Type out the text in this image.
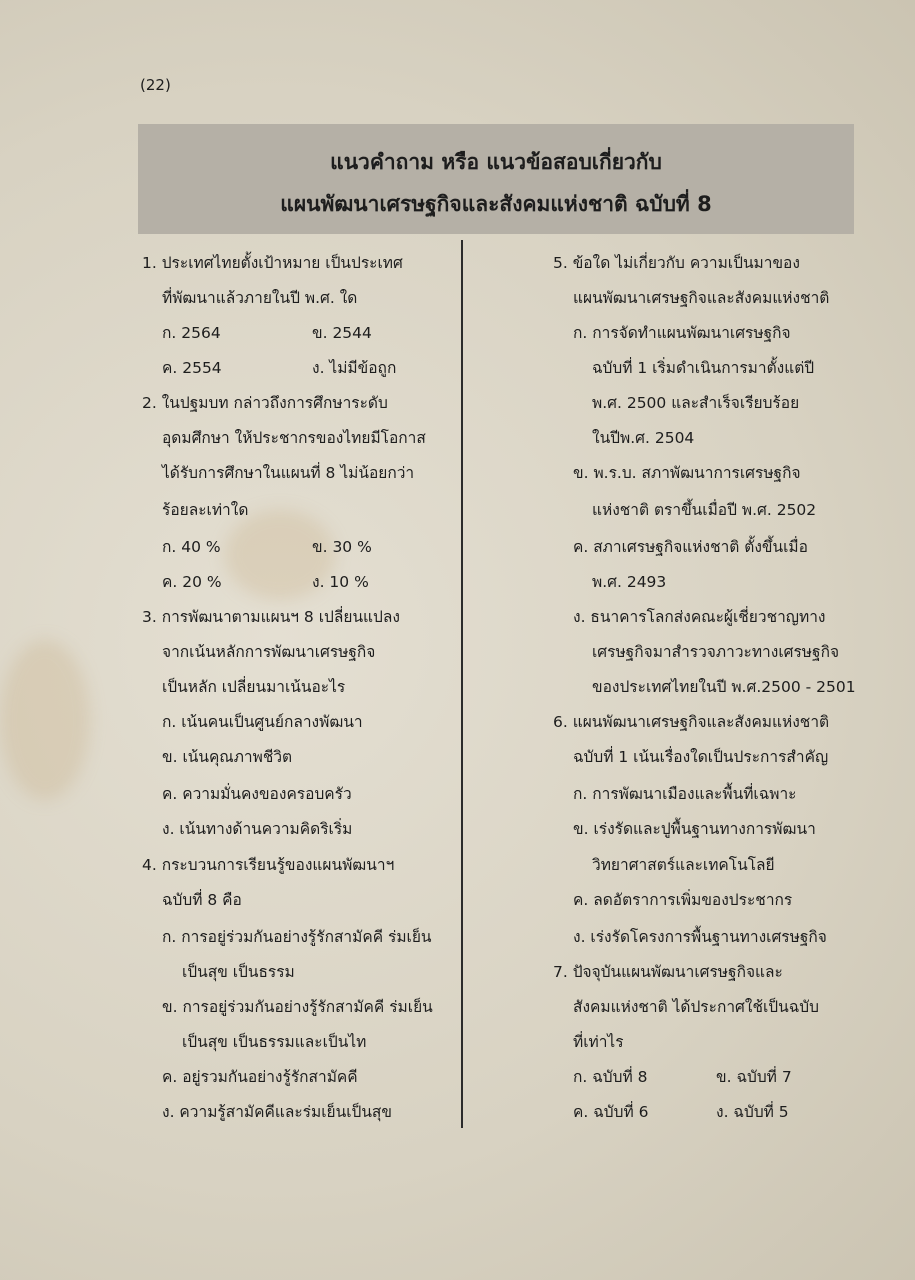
(22)
แนวคำถาม หรือ แนวข้อสอบเกี่ยวกับ
แผนพัฒนาเศรษฐกิจและสังคมแห่งชาติ ฉบับที่ 8
1. ประเทศไทยตั้งเป้าหมาย เป็นประเทศ
ที่พัฒนาแล้วภายในปี พ.ศ. ใด
ก. 2564	ข. 2544
ค. 2554	ง. ไม่มีข้อถูก
2. ในปฐมบท กล่าวถึงการศึกษาระดับ
อุดมศึกษา ให้ประชากรของไทยมีโอกาส
ได้รับการศึกษาในแผนที่ 8 ไม่น้อยกว่า
ร้อยละเท่าใด
ก. 40 %	ข. 30 %
ค. 20 %	ง. 10 %
3. การพัฒนาตามแผนฯ 8 เปลี่ยนแปลง
จากเน้นหลักการพัฒนาเศรษฐกิจ
เป็นหลัก เปลี่ยนมาเน้นอะไร
ก. เน้นคนเป็นศูนย์กลางพัฒนา
ข. เน้นคุณภาพชีวิต
ค. ความมั่นคงของครอบครัว
ง. เน้นทางด้านความคิดริเริ่ม
4. กระบวนการเรียนรู้ของแผนพัฒนาฯ
ฉบับที่ 8 คือ
ก. การอยู่ร่วมกันอย่างรู้รักสามัคคี ร่มเย็น
เป็นสุข เป็นธรรม
ข. การอยู่ร่วมกันอย่างรู้รักสามัคคี ร่มเย็น
เป็นสุข เป็นธรรมและเป็นไท
ค. อยู่รวมกันอย่างรู้รักสามัคคี
ง. ความรู้สามัคคีและร่มเย็นเป็นสุข
5. ข้อใด ไม่เกี่ยวกับ ความเป็นมาของ
แผนพัฒนาเศรษฐกิจและสังคมแห่งชาติ
ก. การจัดทำแผนพัฒนาเศรษฐกิจ
ฉบับที่ 1 เริ่มดำเนินการมาตั้งแต่ปี
พ.ศ. 2500 และสำเร็จเรียบร้อย
ในปีพ.ศ. 2504
ข. พ.ร.บ. สภาพัฒนาการเศรษฐกิจ
แห่งชาติ ตราขึ้นเมื่อปี พ.ศ. 2502
ค. สภาเศรษฐกิจแห่งชาติ ตั้งขึ้นเมื่อ
พ.ศ. 2493
ง. ธนาคารโลกส่งคณะผู้เชี่ยวชาญทาง
เศรษฐกิจมาสำรวจภาวะทางเศรษฐกิจ
ของประเทศไทยในปี พ.ศ.2500 - 2501
6. แผนพัฒนาเศรษฐกิจและสังคมแห่งชาติ
ฉบับที่ 1 เน้นเรื่องใดเป็นประการสำคัญ
ก. การพัฒนาเมืองและพื้นที่เฉพาะ
ข. เร่งรัดและปูพื้นฐานทางการพัฒนา
วิทยาศาสตร์และเทคโนโลยี
ค. ลดอัตราการเพิ่มของประชากร
ง. เร่งรัดโครงการพื้นฐานทางเศรษฐกิจ
7. ปัจจุบันแผนพัฒนาเศรษฐกิจและ
สังคมแห่งชาติ ได้ประกาศใช้เป็นฉบับ
ที่เท่าไร
ก. ฉบับที่ 8	ข. ฉบับที่ 7
ค. ฉบับที่ 6	ง. ฉบับที่ 5
